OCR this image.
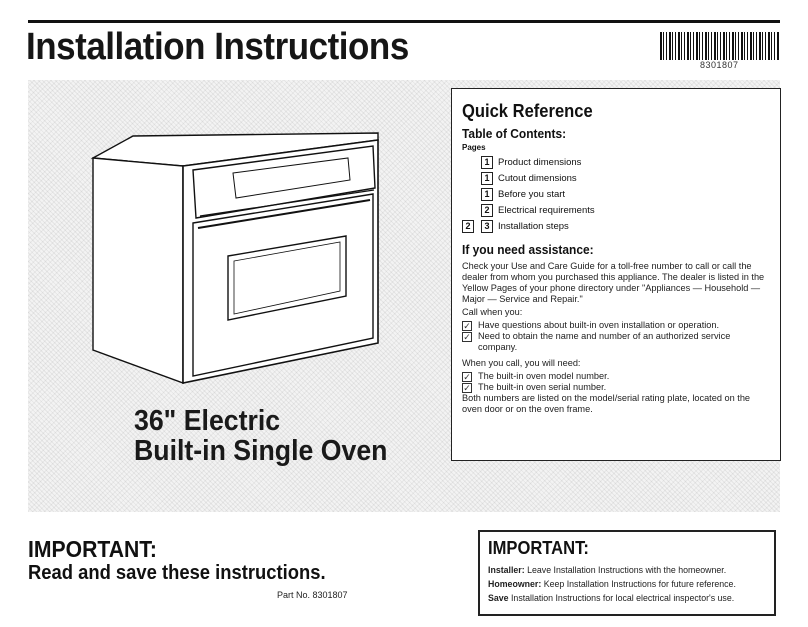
Installation Instructions	8301807
36" Electric
Built-in Single Oven
Quick Reference
Table of Contents:
Pages
1 Product dimensions
1 Cutout dimensions
1 Before you start
2 Electrical requirements
2	3 Installation steps
If you need assistance:

Check your Use and Care Guide for a toll-free number to call or call the dealer from whom you purchased this appliance. The dealer is listed in the Yellow Pages of your phone directory under "Appliances — Household — Major — Service and Repair."

Call when you:

✓ Have questions about built-in oven installation or operation.
✓ Need to obtain the name and number of an authorized service company.

When you call, you will need:

✓ The built-in oven model number.
✓ The built-in oven serial number.

Both numbers are listed on the model/serial rating plate, located on the oven door or on the oven frame.

IMPORTANT:
Read and save these instructions.
Part No. 8301807
IMPORTANT:
Installer: Leave Installation Instructions with the homeowner.
Homeowner: Keep Installation Instructions for future reference.
Save Installation Instructions for local electrical inspector's use.
